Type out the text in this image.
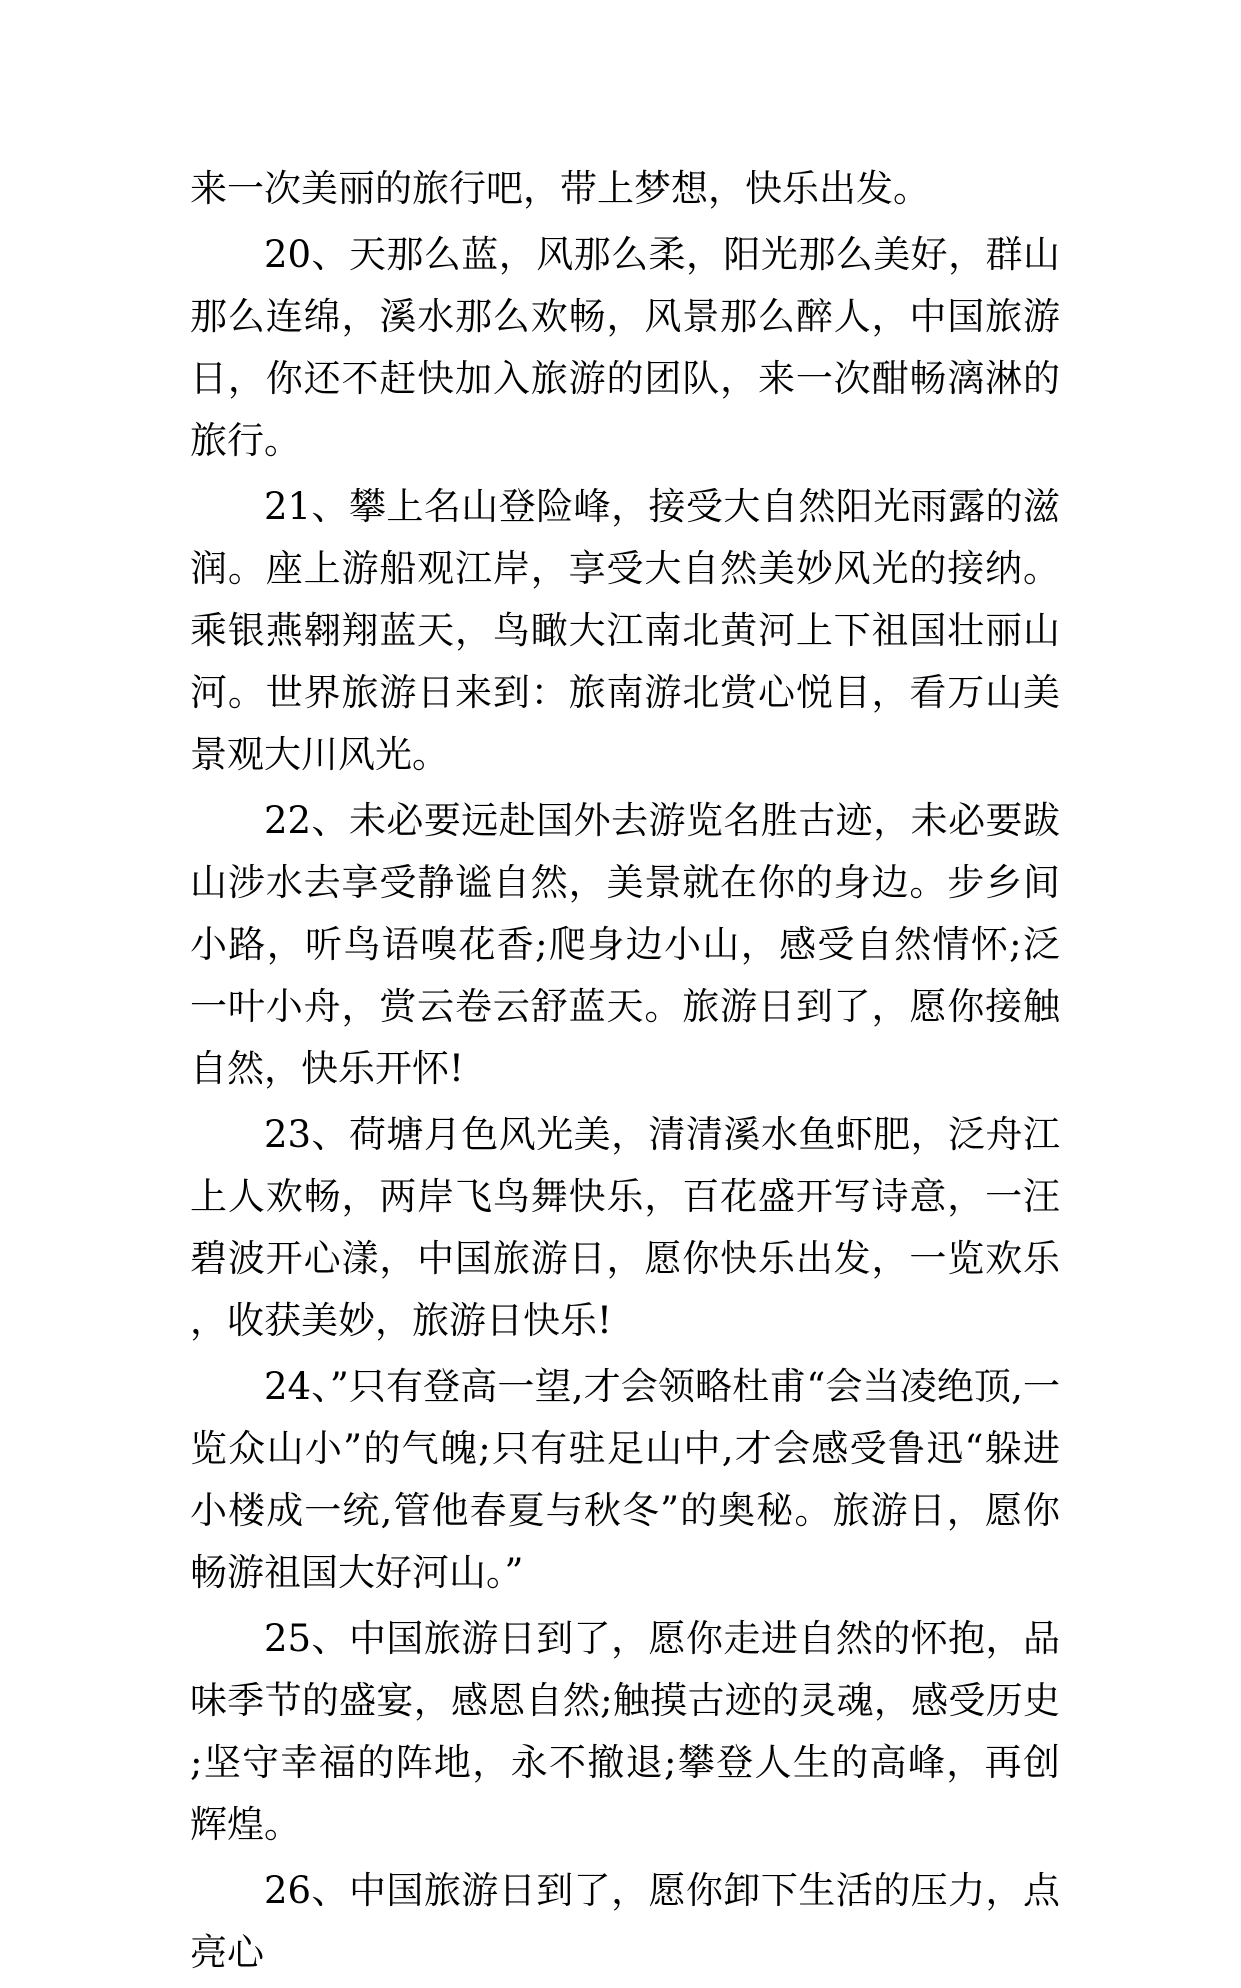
来一次美丽的旅行吧，带上梦想，快乐出发。

20、天那么蓝，风那么柔，阳光那么美好，群山那么连绵，溪水那么欢畅，风景那么醉人，中国旅游日，你还不赶快加入旅游的团队，来一次酣畅漓淋的旅行。

21、攀上名山登险峰，接受大自然阳光雨露的滋润。座上游船观江岸，享受大自然美妙风光的接纳。乘银燕翱翔蓝天，鸟瞰大江南北黄河上下祖国壮丽山河。世界旅游日来到：旅南游北赏心悦目，看万山美景观大川风光。

22、未必要远赴国外去游览名胜古迹，未必要跋山涉水去享受静谧自然，美景就在你的身边。步乡间小路，听鸟语嗅花香;爬身边小山，感受自然情怀;泛一叶小舟，赏云卷云舒蓝天。旅游日到了，愿你接触自然，快乐开怀!

23、荷塘月色风光美，清清溪水鱼虾肥，泛舟江上人欢畅，两岸飞鸟舞快乐，百花盛开写诗意，一汪碧波开心漾，中国旅游日，愿你快乐出发，一览欢乐，收获美妙，旅游日快乐!

24、”只有登高一望,才会领略杜甫“会当凌绝顶,一览众山小”的气魄;只有驻足山中,才会感受鲁迅“躲进小楼成一统,管他春夏与秋冬”的奥秘。旅游日，愿你畅游祖国大好河山。”

25、中国旅游日到了，愿你走进自然的怀抱，品味季节的盛宴，感恩自然;触摸古迹的灵魂，感受历史;坚守幸福的阵地，永不撤退;攀登人生的高峰，再创辉煌。

26、中国旅游日到了，愿你卸下生活的压力，点亮心
